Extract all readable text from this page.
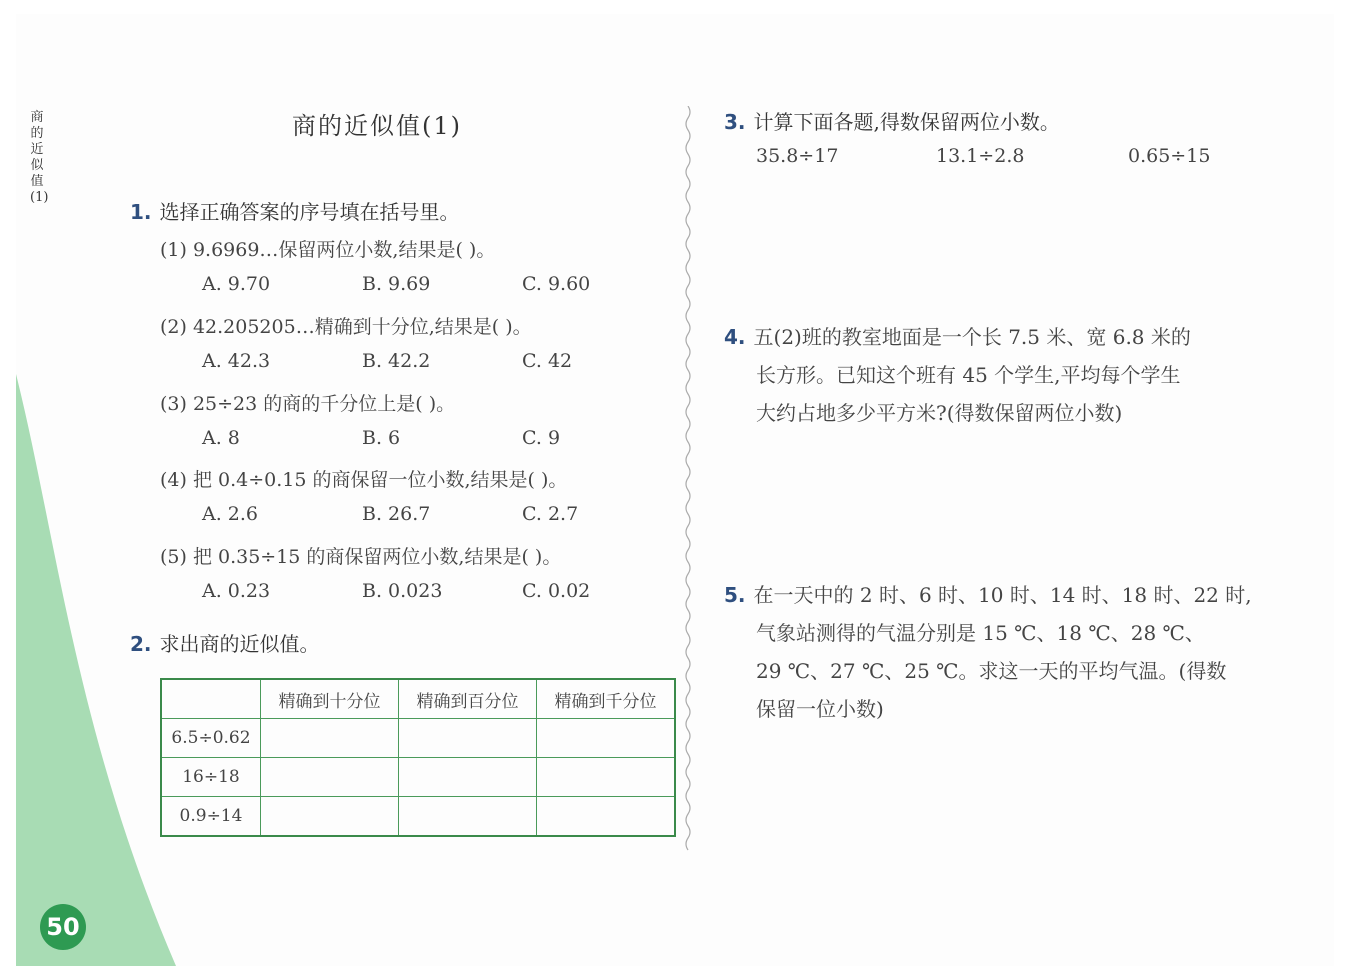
商的近似值(1)
50
商的近似值(1)
1. 选择正确答案的序号填在括号里。
(1) 9.6969…保留两位小数,结果是( )。
A. 9.70	B. 9.69	C. 9.60
(2) 42.205205…精确到十分位,结果是( )。
A. 42.3	B. 42.2	C. 42
(3) 25÷23 的商的千分位上是( )。
A. 8	B. 6	C. 9
(4) 把 0.4÷0.15 的商保留一位小数,结果是( )。
A. 2.6	B. 26.7	C. 2.7
(5) 把 0.35÷15 的商保留两位小数,结果是( )。
A. 0.23	B. 0.023	C. 0.02
2. 求出商的近似值。
	精确到十分位	精确到百分位	精确到千分位
6.5÷0.62			
16÷18			
0.9÷14			
3. 计算下面各题,得数保留两位小数。
35.8÷17	13.1÷2.8	0.65÷15
4. 五(2)班的教室地面是一个长 7.5 米、宽 6.8 米的
长方形。已知这个班有 45 个学生,平均每个学生
大约占地多少平方米?(得数保留两位小数)
5. 在一天中的 2 时、6 时、10 时、14 时、18 时、22 时,
气象站测得的气温分别是 15 ℃、18 ℃、28 ℃、
29 ℃、27 ℃、25 ℃。求这一天的平均气温。(得数
保留一位小数)
